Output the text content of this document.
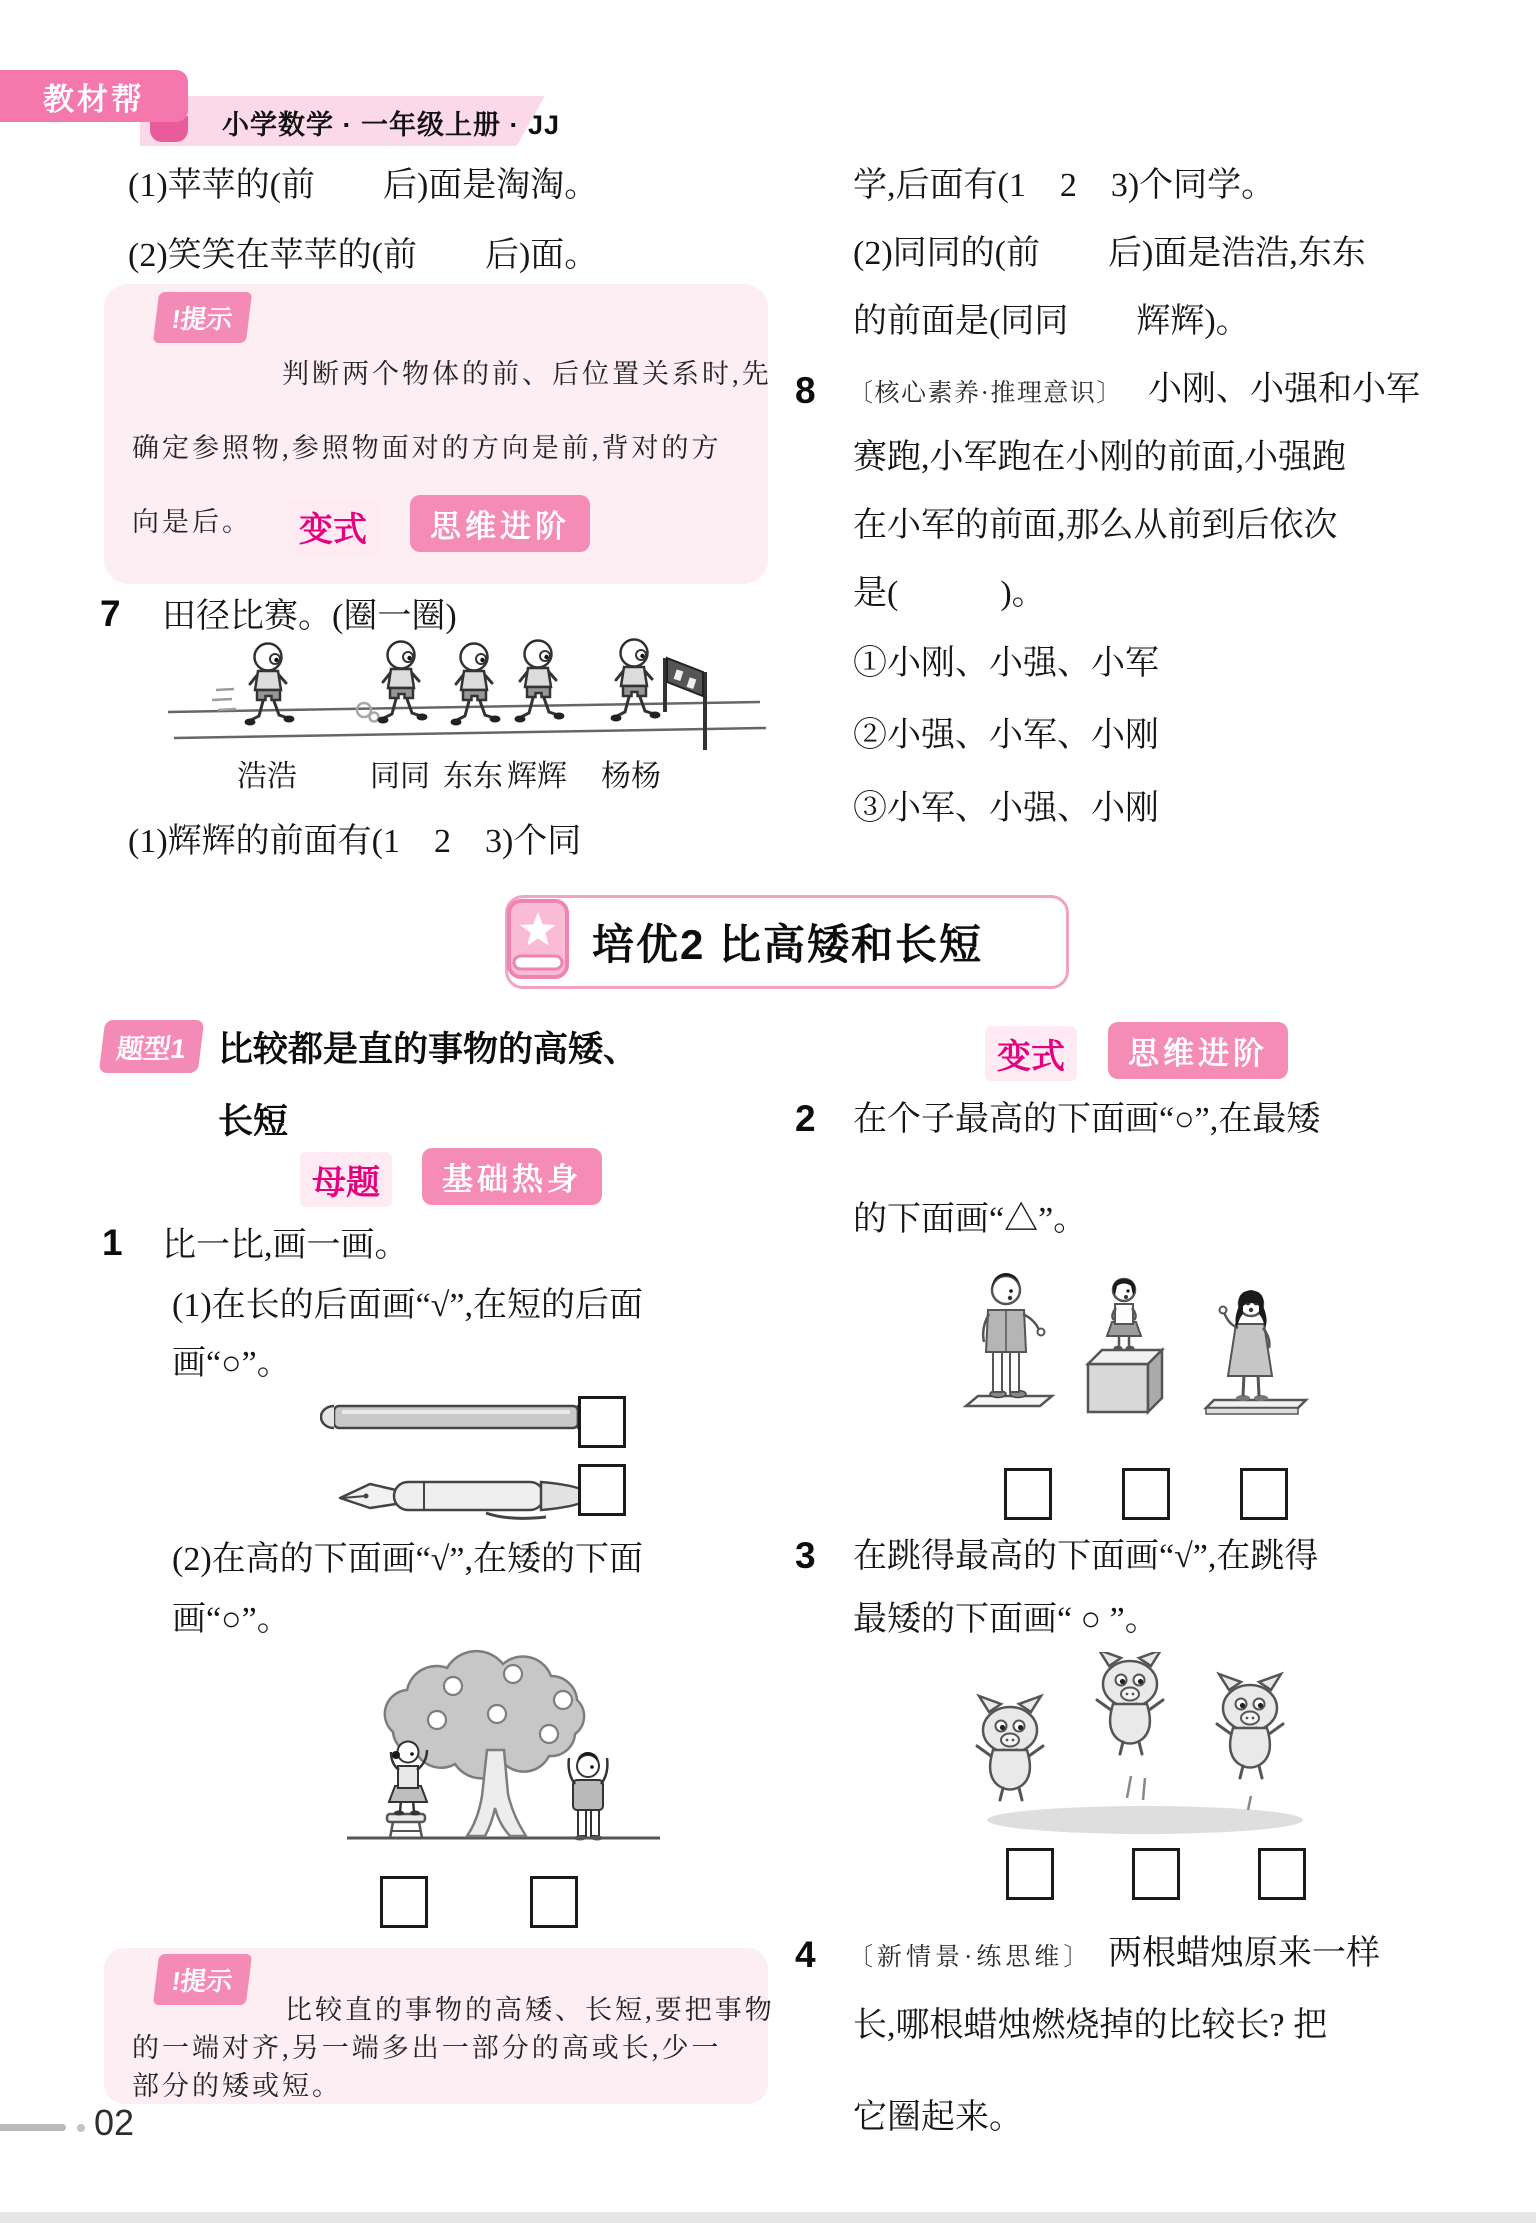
教材帮
小学数学 · 一年级上册 · JJ
(1)苹苹的(前　　后)面是淘淘。
(2)笑笑在苹苹的(前　　后)面。
!提示
判断两个物体的前、后位置关系时,先
确定参照物,参照物面对的方向是前,背对的方
向是后。	变式	思维进阶
7 田径比赛。(圈一圈)
浩浩 同同 东东 辉辉 杨杨
(1)辉辉的前面有(1　2　3)个同
培优2 比高矮和长短
题型1 比较都是直的事物的高矮、
长短
母题	基础热身
1 比一比,画一画。
(1)在长的后面画“√”,在短的后面
画“○”。
(2)在高的下面画“√”,在矮的下面
画“○”。
!提示
比较直的事物的高矮、长短,要把事物
的一端对齐,另一端多出一部分的高或长,少一
部分的矮或短。
02
学,后面有(1　2　3)个同学。
(2)同同的(前　　后)面是浩浩,东东
的前面是(同同　　辉辉)。
8 〔核心素养·推理意识〕 小刚、小强和小军
赛跑,小军跑在小刚的前面,小强跑
在小军的前面,那么从前到后依次
是(　　　)。
①小刚、小强、小军
②小强、小军、小刚
③小军、小强、小刚
变式	思维进阶
2 在个子最高的下面画“○”,在最矮
的下面画“△”。
3 在跳得最高的下面画“√”,在跳得
最矮的下面画“ ○ ”。
4 〔新情景·练思维〕 两根蜡烛原来一样
长,哪根蜡烛燃烧掉的比较长? 把
它圈起来。
